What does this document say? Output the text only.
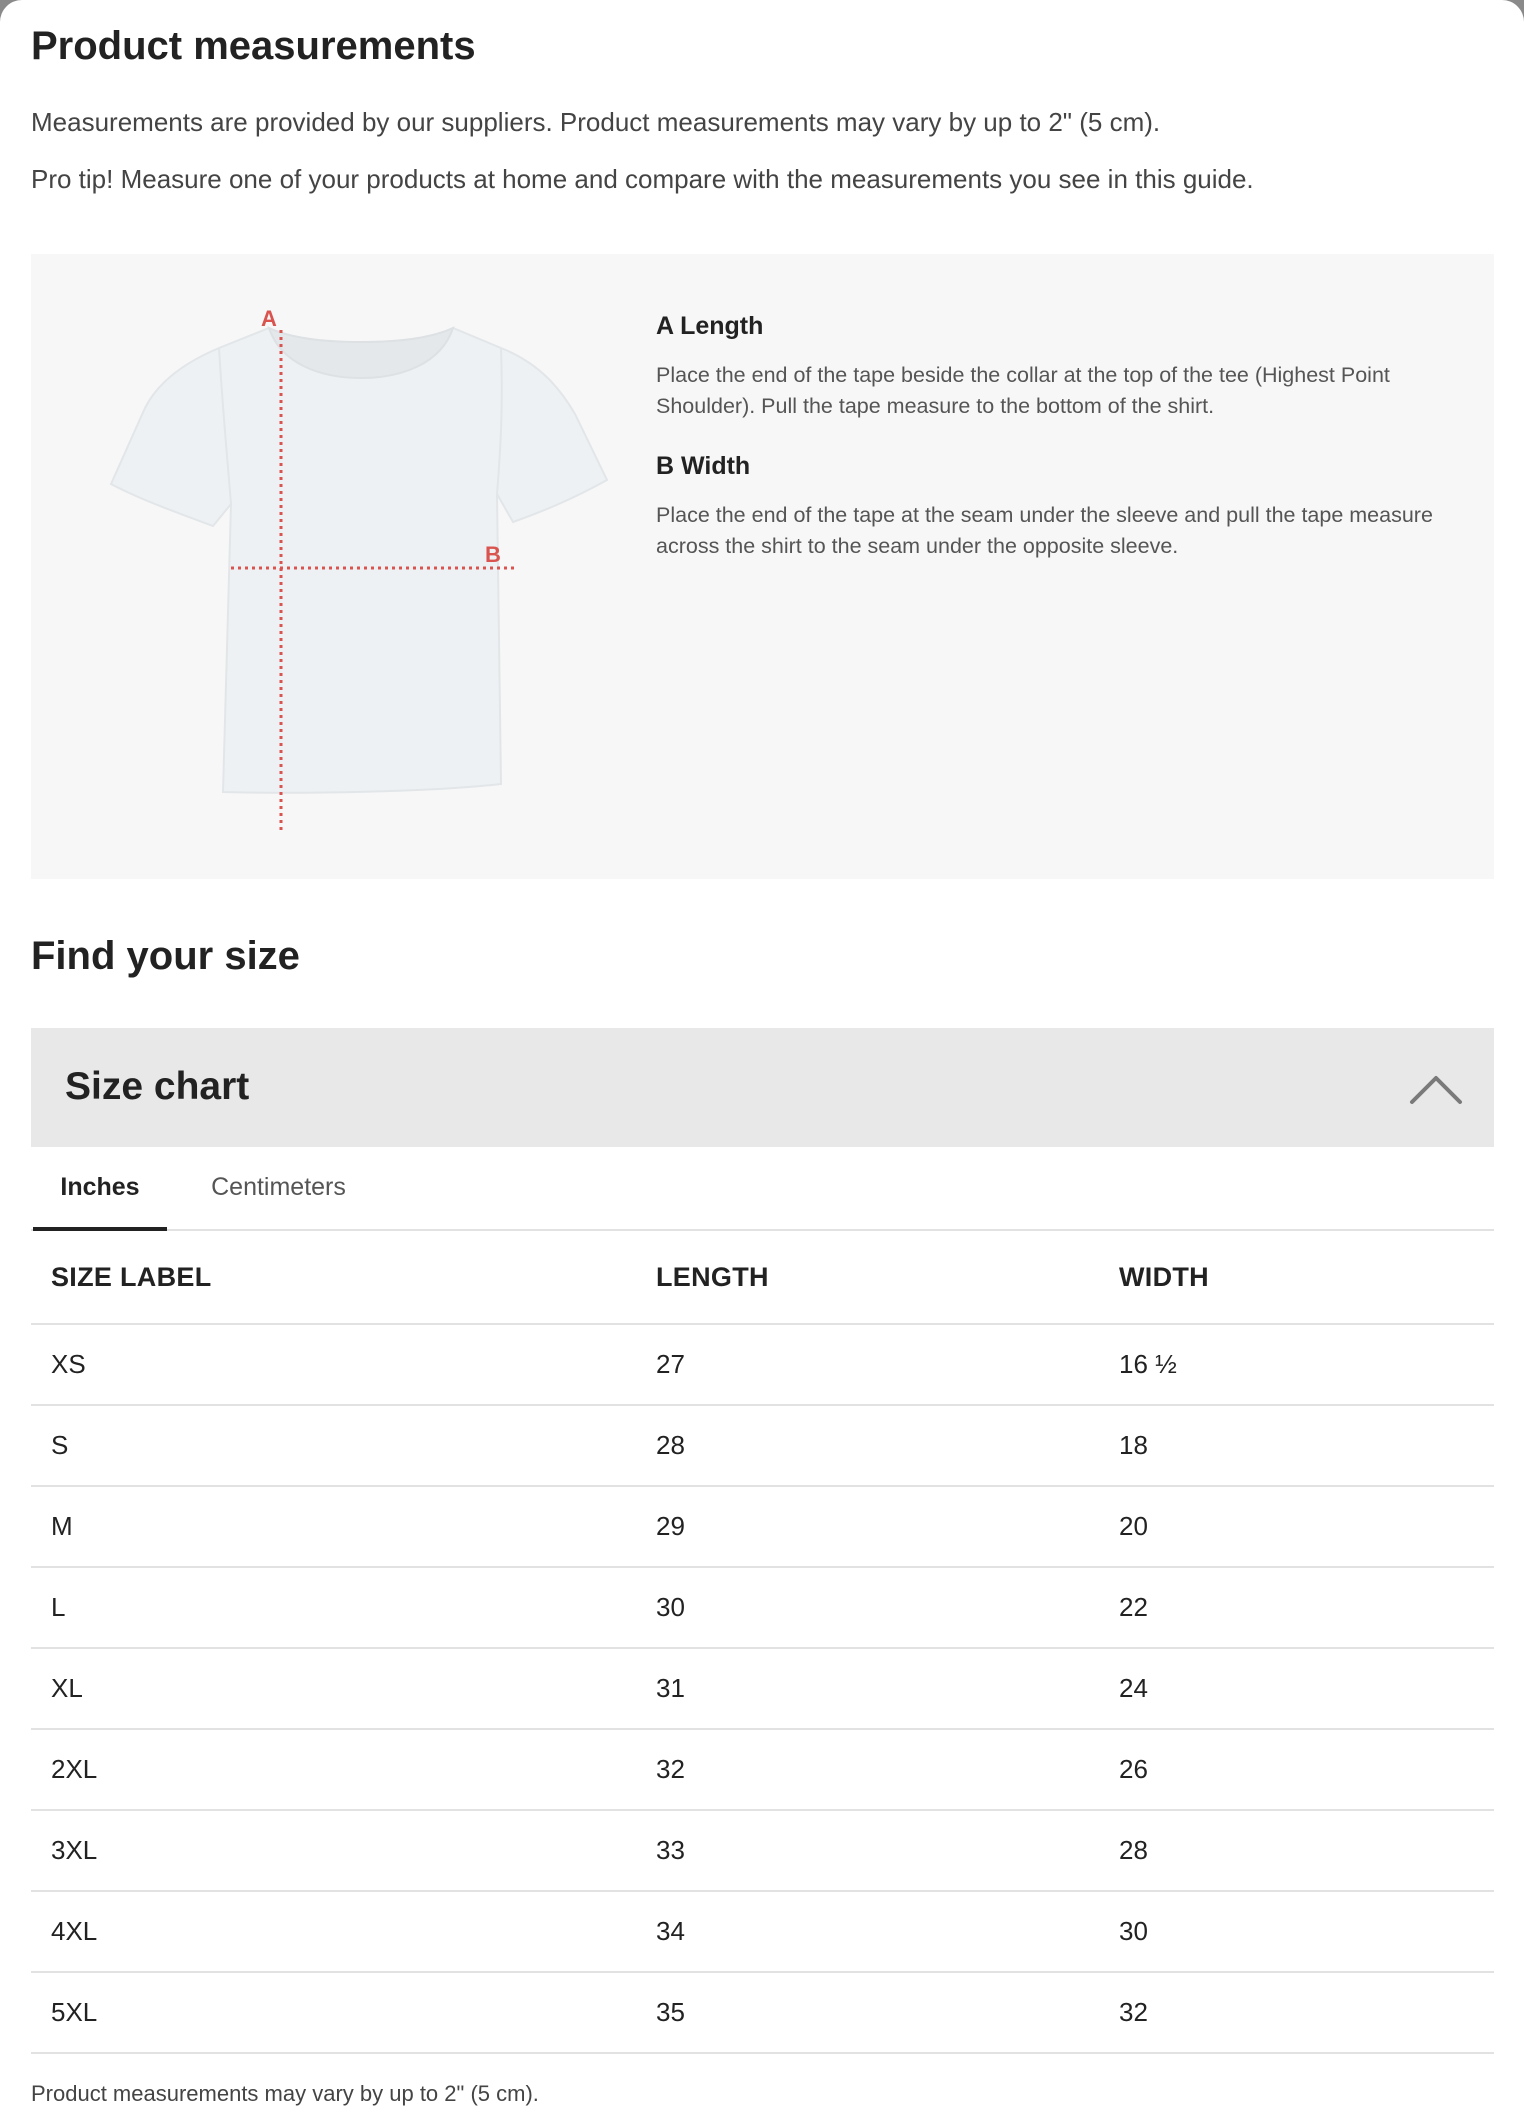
Product measurements

Measurements are provided by our suppliers. Product measurements may vary by up to 2" (5 cm).

Pro tip! Measure one of your products at home and compare with the measurements you see in this guide.

A
B
A Length

Place the end of the tape beside the collar at the top of the tee (Highest Point Shoulder). Pull the tape measure to the bottom of the shirt.

B Width

Place the end of the tape at the seam under the sleeve and pull the tape measure across the shirt to the seam under the opposite sleeve.

Find your size
Size chart
Inches	Centimeters
SIZE LABEL	LENGTH	WIDTH
XS	27	16 ½
S	28	18
M	29	20
L	30	22
XL	31	24
2XL	32	26
3XL	33	28
4XL	34	30
5XL	35	32

Product measurements may vary by up to 2" (5 cm).
